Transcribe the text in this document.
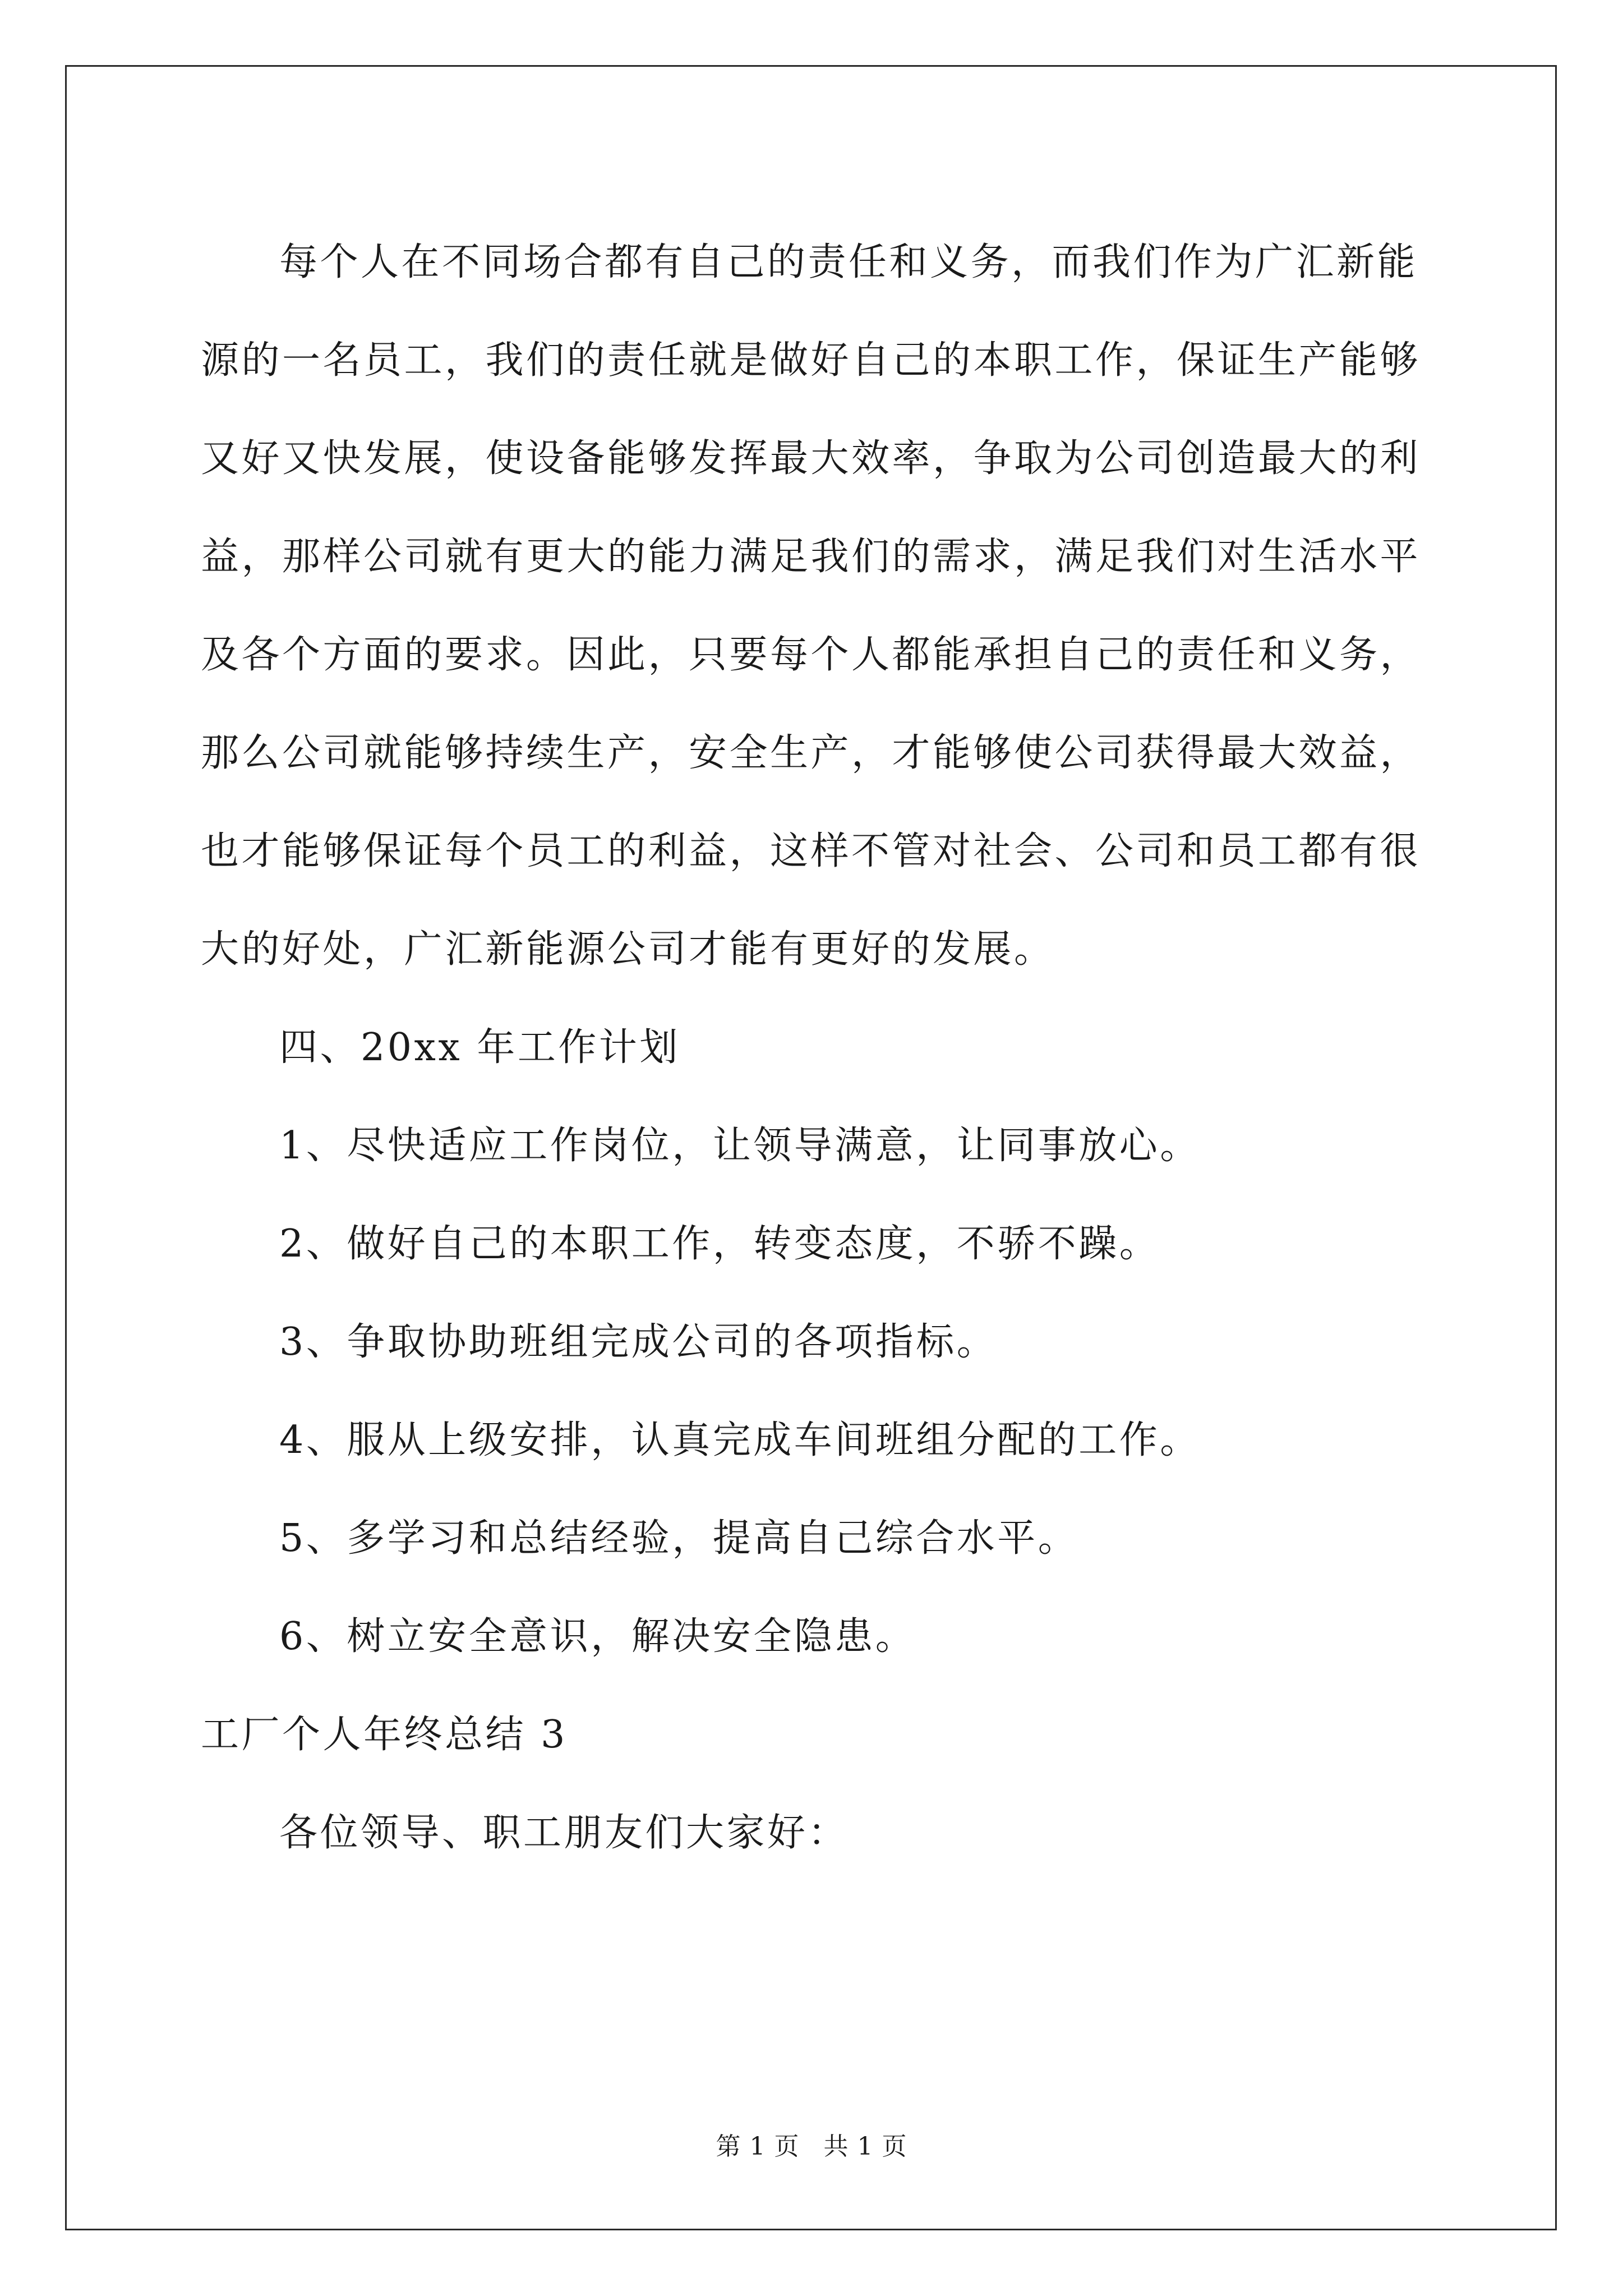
每个人在不同场合都有自己的责任和义务，而我们作为广汇新能
源的一名员工，我们的责任就是做好自己的本职工作，保证生产能够
又好又快发展，使设备能够发挥最大效率，争取为公司创造最大的利
益，那样公司就有更大的能力满足我们的需求，满足我们对生活水平
及各个方面的要求。因此，只要每个人都能承担自己的责任和义务，
那么公司就能够持续生产，安全生产，才能够使公司获得最大效益，
也才能够保证每个员工的利益，这样不管对社会、公司和员工都有很
大的好处，广汇新能源公司才能有更好的发展。
四、20xx 年工作计划
1、尽快适应工作岗位，让领导满意，让同事放心。
2、做好自己的本职工作，转变态度，不骄不躁。
3、争取协助班组完成公司的各项指标。
4、服从上级安排，认真完成车间班组分配的工作。
5、多学习和总结经验，提高自己综合水平。
6、树立安全意识，解决安全隐患。
工厂个人年终总结 3
各位领导、职工朋友们大家好：
第 1 页 共 1 页
